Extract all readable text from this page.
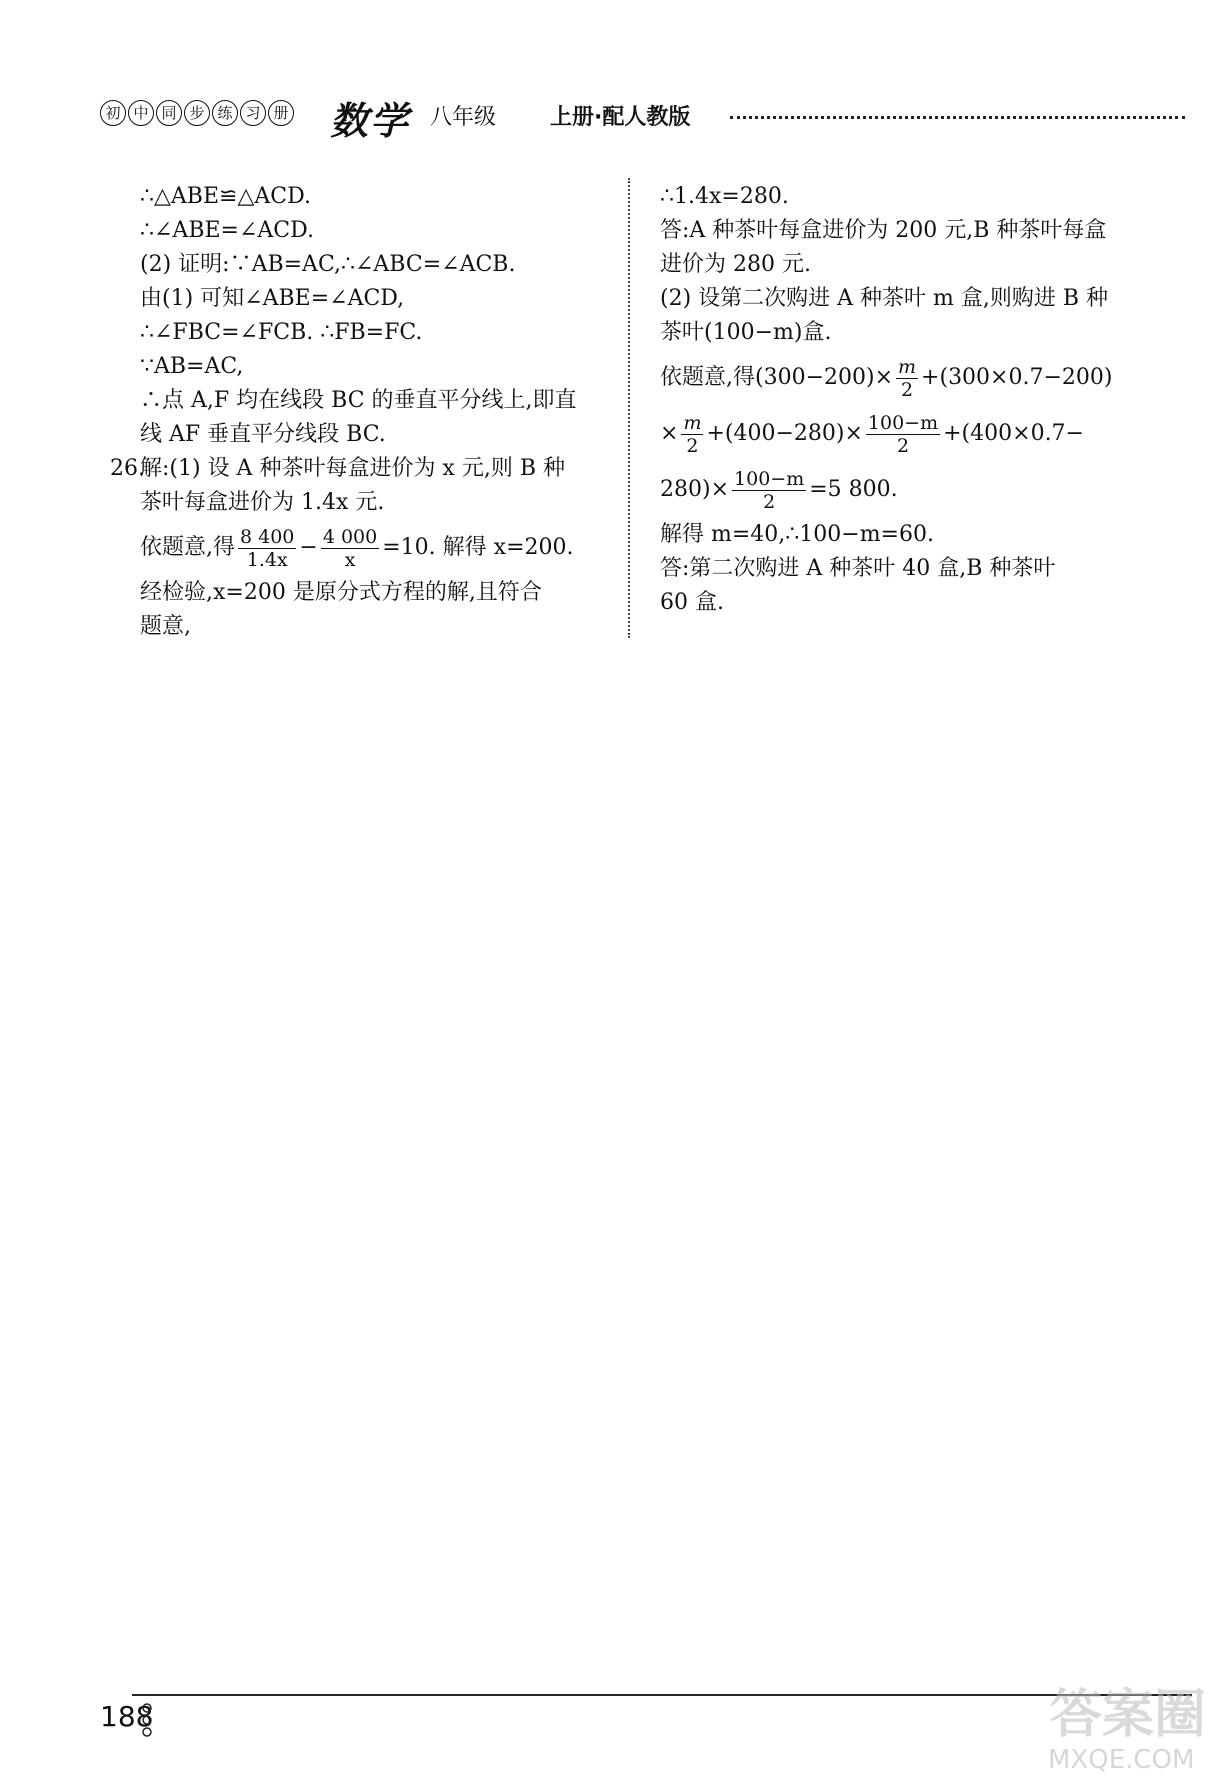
初 中 同 步 练 习 册 数学 八年级 上册·配人教版
∴△ABE≌△ACD.
∴∠ABE=∠ACD.
(2) 证明:∵AB=AC,∴∠ABC=∠ACB.
由(1) 可知∠ABE=∠ACD,
∴∠FBC=∠FCB. ∴FB=FC.
∵AB=AC,
∴点 A,F 均在线段 BC 的垂直平分线上,即直
线 AF 垂直平分线段 BC.
26.
解:(1) 设 A 种茶叶每盒进价为 x 元,则 B 种
茶叶每盒进价为 1.4x 元.
依题意,得 $\frac{8 400}{1.4x} - \frac{4 000}{x} =10$. 解得 x=200.
经检验,x=200 是原分式方程的解,且符合
题意,
∴1.4x=280.
答:A 种茶叶每盒进价为 200 元,B 种茶叶每盒
进价为 280 元.
(2) 设第二次购进 A 种茶叶 m 盒,则购进 B 种
茶叶(100−m)盒.
依题意,得$(300-200)\times \frac{m}{2} +(300\times 0.7-200)$
× $\frac{m}{2} +(400-280)\times \frac{100-m}{2} +(400\times 0.7-$
$280)\times \frac{100-m}{2} =5$ 800.
解得 m=40,∴100−m=60.
答:第二次购进 A 种茶叶 40 盒,B 种茶叶
60 盒.
188	答案圈
MXQE.COM
